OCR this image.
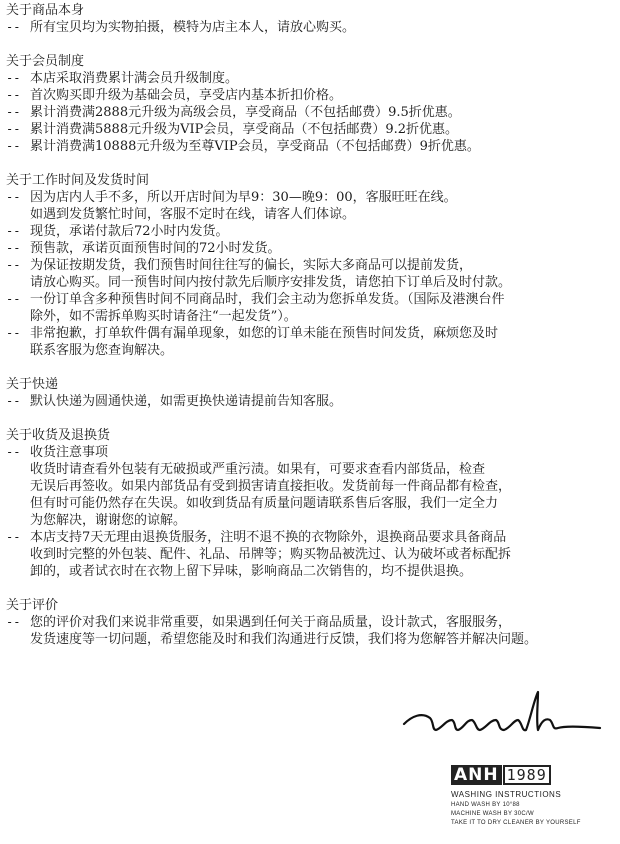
关于商品本身
-- 所有宝贝均为实物拍摄，模特为店主本人，请放心购买。
关于会员制度
-- 本店采取消费累计满会员升级制度。
-- 首次购买即升级为基础会员，享受店内基本折扣价格。
-- 累计消费满2888元升级为高级会员，享受商品（不包括邮费）9.5折优惠。
-- 累计消费满5888元升级为VIP会员，享受商品（不包括邮费）9.2折优惠。
-- 累计消费满10888元升级为至尊VIP会员，享受商品（不包括邮费）9折优惠。
关于工作时间及发货时间
-- 因为店内人手不多，所以开店时间为早9：30—晚9：00，客服旺旺在线。
如遇到发货繁忙时间，客服不定时在线，请客人们体谅。
-- 现货，承诺付款后72小时内发货。
-- 预售款，承诺页面预售时间的72小时发货。
-- 为保证按期发货，我们预售时间往往写的偏长，实际大多商品可以提前发货，
请放心购买。同一预售时间内按付款先后顺序安排发货，请您拍下订单后及时付款。
-- 一份订单含多种预售时间不同商品时，我们会主动为您拆单发货。（国际及港澳台件
除外，如不需拆单购买时请备注“一起发货”）。
-- 非常抱歉，打单软件偶有漏单现象，如您的订单未能在预售时间发货，麻烦您及时
联系客服为您查询解决。
关于快递
-- 默认快递为圆通快递，如需更换快递请提前告知客服。
关于收货及退换货
-- 收货注意事项
收货时请查看外包装有无破损或严重污渍。如果有，可要求查看内部货品，检查
无误后再签收。如果内部货品有受到损害请直接拒收。发货前每一件商品都有检查，
但有时可能仍然存在失误。如收到货品有质量问题请联系售后客服，我们一定全力
为您解决，谢谢您的谅解。
-- 本店支持7天无理由退换货服务，注明不退不换的衣物除外，退换商品要求具备商品
收到时完整的外包装、配件、礼品、吊牌等；购买物品被洗过、认为破坏或者标配拆
卸的，或者试衣时在衣物上留下异味，影响商品二次销售的，均不提供退换。
关于评价
-- 您的评价对我们来说非常重要，如果遇到任何关于商品质量，设计款式，客服服务，
发货速度等一切问题，希望您能及时和我们沟通进行反馈，我们将为您解答并解决问题。
ANH 1989
WASHING INSTRUCTIONS
HAND WASH BY 10°88
MACHINE WASH BY 30C/W
TAKE IT TO DRY CLEANER BY YOURSELF
